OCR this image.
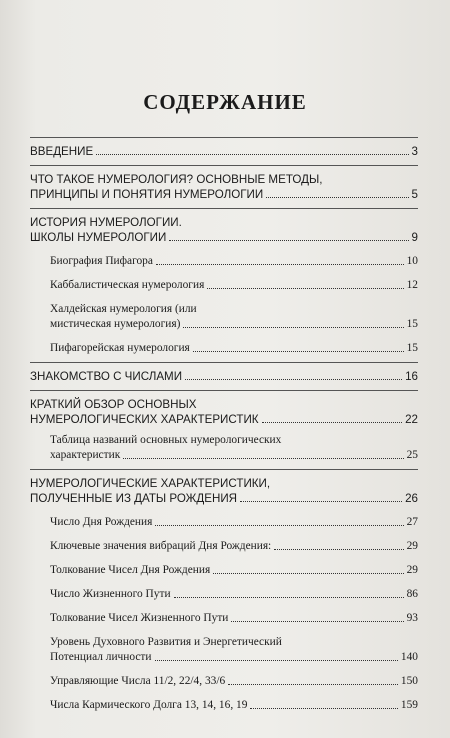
СОДЕРЖАНИЕ
ВВЕДЕНИЕ	3
ЧТО ТАКОЕ НУМЕРОЛОГИЯ? ОСНОВНЫЕ МЕТОДЫ,
ПРИНЦИПЫ И ПОНЯТИЯ НУМЕРОЛОГИИ	5
ИСТОРИЯ НУМЕРОЛОГИИ.
ШКОЛЫ НУМЕРОЛОГИИ	9
Биография Пифагора	10
Каббалистическая нумерология	12
Халдейская нумерология (или
мистическая нумерология)	15
Пифагорейская нумерология	15
ЗНАКОМСТВО С ЧИСЛАМИ	16
КРАТКИЙ ОБЗОР ОСНОВНЫХ
НУМЕРОЛОГИЧЕСКИХ ХАРАКТЕРИСТИК	22
Таблица названий основных нумерологических
характеристик	25
НУМЕРОЛОГИЧЕСКИЕ ХАРАКТЕРИСТИКИ,
ПОЛУЧЕННЫЕ ИЗ ДАТЫ РОЖДЕНИЯ	26
Число Дня Рождения	27
Ключевые значения вибраций Дня Рождения:	29
Толкование Чисел Дня Рождения	29
Число Жизненного Пути	86
Толкование Чисел Жизненного Пути	93
Уровень Духовного Развития и Энергетический
Потенциал личности	140
Управляющие Числа 11/2, 22/4, 33/6	150
Числа Кармического Долга 13, 14, 16, 19	159
